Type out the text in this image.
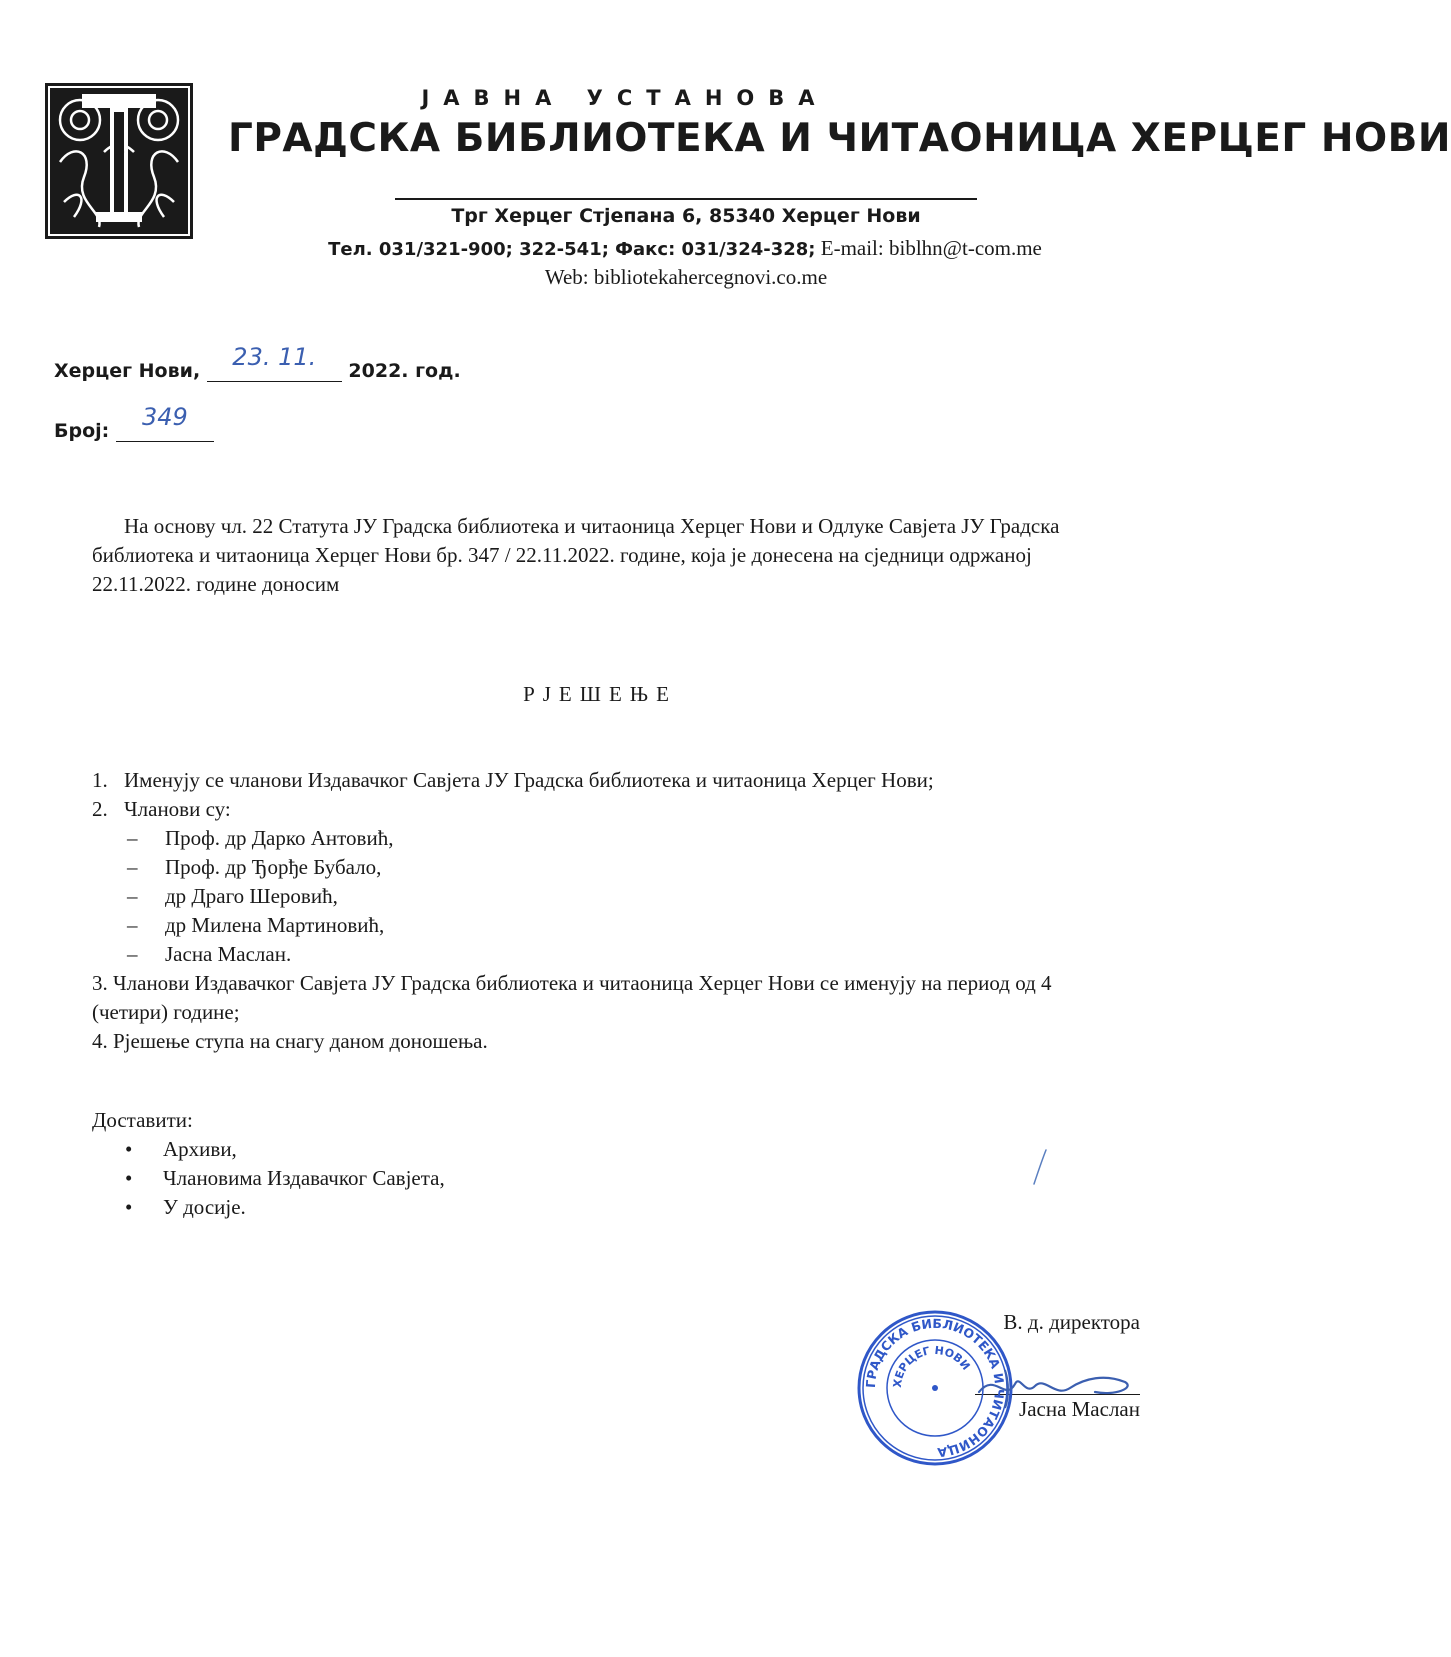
ЈАВНА УСТАНОВА
ГРАДСКА БИБЛИОТЕКА И ЧИТАОНИЦА ХЕРЦЕГ НОВИ
Трг Херцег Стјепана 6, 85340 Херцег Нови
Тел. 031/321-900; 322-541; Факс: 031/324-328; E-mail: biblhn@t-com.me
Web: bibliotekahercegnovi.co.me
Херцег Нови,	23. 11.	2022. год.
Број:	349

На основу чл. 22 Статута ЈУ Градска библиотека и читаоница Херцег Нови и Одлуке Савјета ЈУ Градска библиотека и читаоница Херцег Нови бр. 347 / 22.11.2022. године, која је донесена на сједници одржаној 22.11.2022. године доносим

РЈЕШЕЊЕ
1. Именују се чланови Издавачког Савјета ЈУ Градска библиотека и читаоница Херцег Нови;
2. Чланови су:
– Проф. др Дарко Антовић,
– Проф. др Ђорђе Бубало,
– др Драго Шеровић,
– др Милена Мартиновић,
– Јасна Маслан.
3. Чланови Издавачког Савјета ЈУ Градска библиотека и читаоница Херцег Нови се именују на период од 4 (четири) године;
4. Рјешење ступа на снагу даном доношења.
Доставити:
• Архиви,
• Члановима Издавачког Савјета,
• У досије.
В. д. директора
Јасна Маслан
ГРАДСКА БИБЛИОТЕКА И ЧИТАОНИЦА
ХЕРЦЕГ НОВИ
